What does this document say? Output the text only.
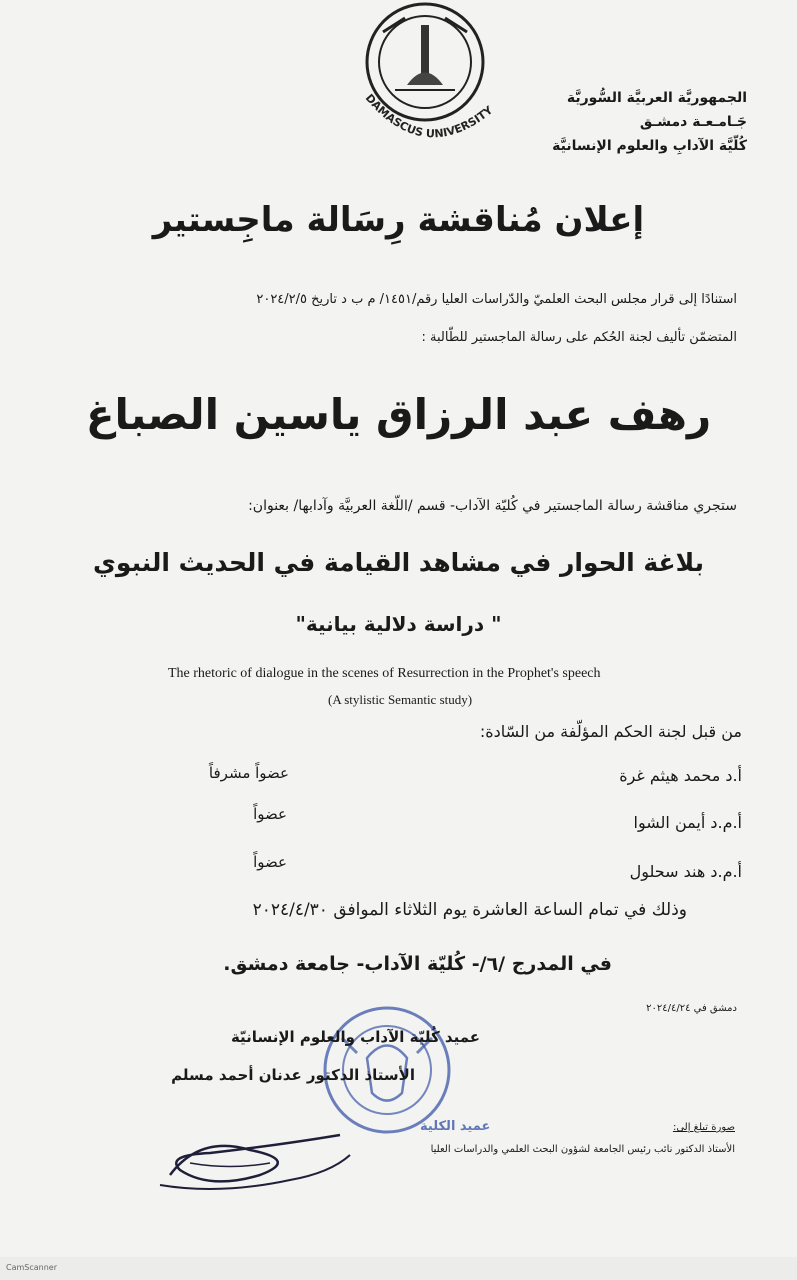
DAMASCUS UNIVERSITY
الجمهوريَّة العربيَّة السُّوريَّة
جَـامـعـة دمشـق
كُلّيَّة الآدابِ والعلوم الإنسانيَّة
إعلان مُناقشة رِسَالة ماجِستير
استنادًا إلى قرار مجلس البحث العلميّ والدّراسات العليا رقم/١٤٥١/ م ب د تاريخ ٢٠٢٤/٢/٥
المتضمّن تأليف لجنة الحُكم على رسالة الماجستير للطّالبة :
رهف عبد الرزاق ياسين الصباغ
ستجري مناقشة رسالة الماجستير في كُليّة الآداب- قسم /اللّغة العربيَّة وآدابها/ بعنوان:
بلاغة الحوار في مشاهد القيامة في الحديث النبوي
" دراسة دلالية بيانية"
The rhetoric of dialogue in the scenes of Resurrection in the Prophet's speech
(A stylistic Semantic study)
من قبل لجنة الحكم المؤلّفة من السّادة:
أ.د محمد هيثم غرة
عضواً مشرفاً
أ.م.د أيمن الشوا
عضواً
أ.م.د هند سحلول
عضواً
وذلك في تمام الساعة العاشرة يوم الثلاثاء الموافق ٢٠٢٤/٤/٣٠
في المدرج /٦/- كُليّة الآداب- جامعة دمشق.
دمشق في ٢٠٢٤/٤/٢٤
عميد الكلية
عميد كُليّة الآداب والعلوم الإنسانيّة
الأستاذ الدكتور عدنان أحمد مسلم
صورة تبلغ إلى:
الأستاذ الدكتور نائب رئيس الجامعة لشؤون البحث العلمي والدراسات العليا
CamScanner
